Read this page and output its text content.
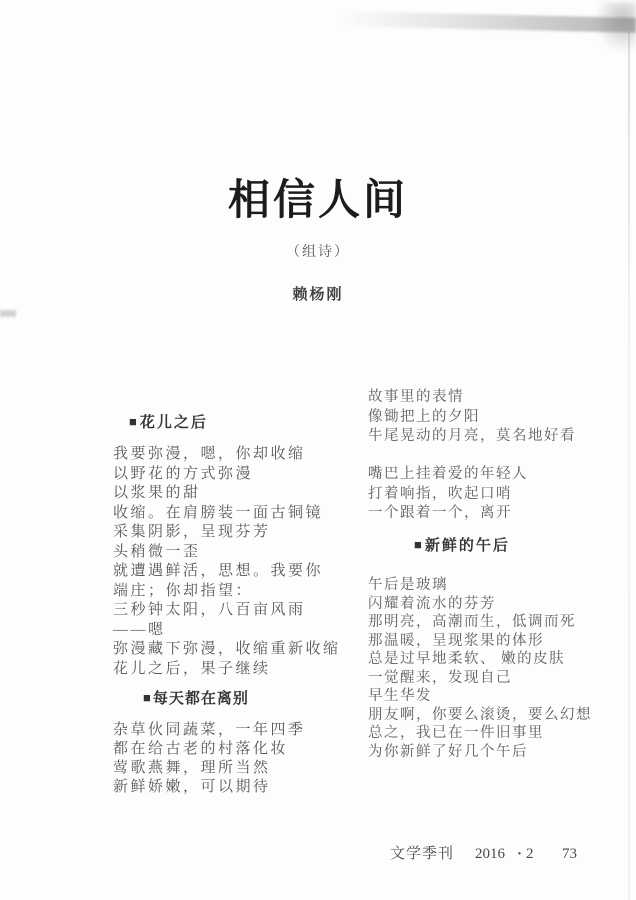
相信人间
（组诗）
赖杨刚
■花儿之后
我要弥漫，嗯，你却收缩
以野花的方式弥漫
以浆果的甜
收缩。在肩膀装一面古铜镜
采集阴影，呈现芬芳
头稍微一歪
就遭遇鲜活，思想。我要你
端庄；你却指望：
三秒钟太阳，八百亩风雨
——嗯
弥漫藏下弥漫，收缩重新收缩
花儿之后，果子继续
■每天都在离别
杂草伙同蔬菜，一年四季
都在给古老的村落化妆
莺歌燕舞，理所当然
新鲜娇嫩，可以期待
故事里的表情
像锄把上的夕阳
牛尾晃动的月亮，莫名地好看
嘴巴上挂着爱的年轻人
打着响指，吹起口哨
一个跟着一个，离开
■新鲜的午后
午后是玻璃
闪耀着流水的芬芳
那明亮，高潮而生，低调而死
那温暖，呈现浆果的体形
总是过早地柔软、 嫩的皮肤
一觉醒来，发现自己
早生华发
朋友啊，你要么滚烫，要么幻想
总之，我已在一件旧事里
为你新鲜了好几个午后
文学季刊 2016 · 2 73
